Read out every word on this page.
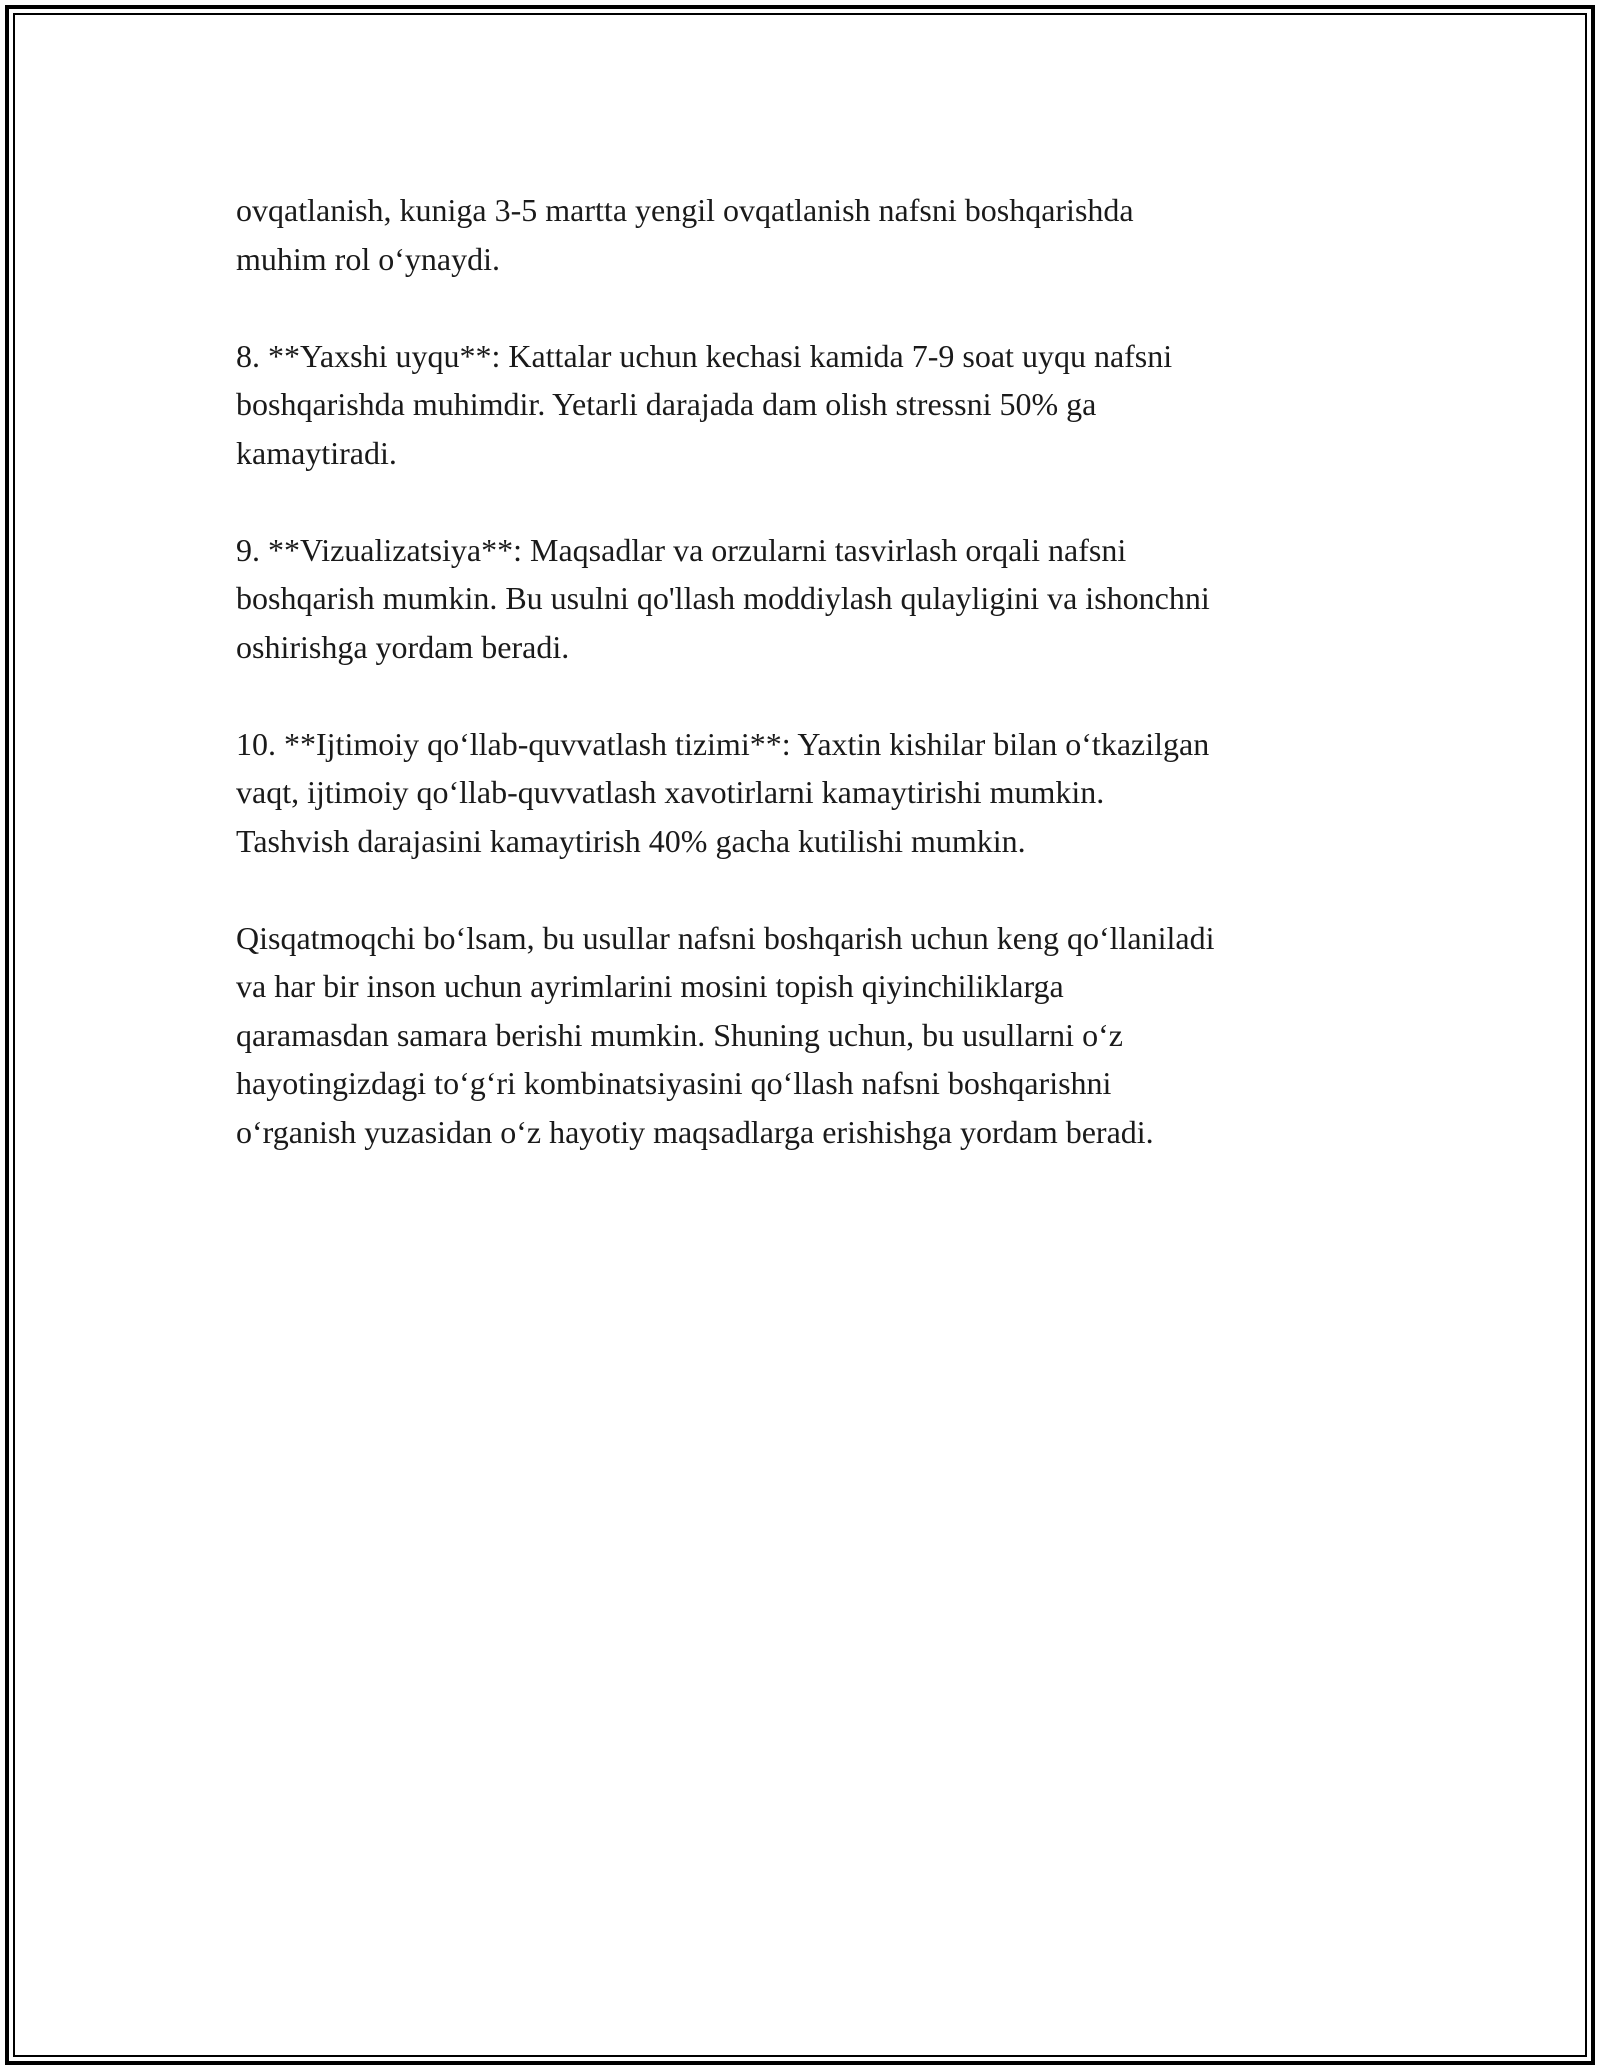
ovqatlanish, kuniga 3-5 martta yengil ovqatlanish nafsni boshqarishda
muhim rol oʻynaydi.

8. **Yaxshi uyqu**: Kattalar uchun kechasi kamida 7-9 soat uyqu nafsni
boshqarishda muhimdir. Yetarli darajada dam olish stressni 50% ga
kamaytiradi.

9. **Vizualizatsiya**: Maqsadlar va orzularni tasvirlash orqali nafsni
boshqarish mumkin. Bu usulni qo'llash moddiylash qulayligini va ishonchni
oshirishga yordam beradi.

10. **Ijtimoiy qoʻllab-quvvatlash tizimi**: Yaxtin kishilar bilan oʻtkazilgan
vaqt, ijtimoiy qoʻllab-quvvatlash xavotirlarni kamaytirishi mumkin.
Tashvish darajasini kamaytirish 40% gacha kutilishi mumkin.

Qisqatmoqchi boʻlsam, bu usullar nafsni boshqarish uchun keng qoʻllaniladi
va har bir inson uchun ayrimlarini mosini topish qiyinchiliklarga
qaramasdan samara berishi mumkin. Shuning uchun, bu usullarni oʻz
hayotingizdagi toʻgʻri kombinatsiyasini qoʻllash nafsni boshqarishni
oʻrganish yuzasidan oʻz hayotiy maqsadlarga erishishga yordam beradi.
